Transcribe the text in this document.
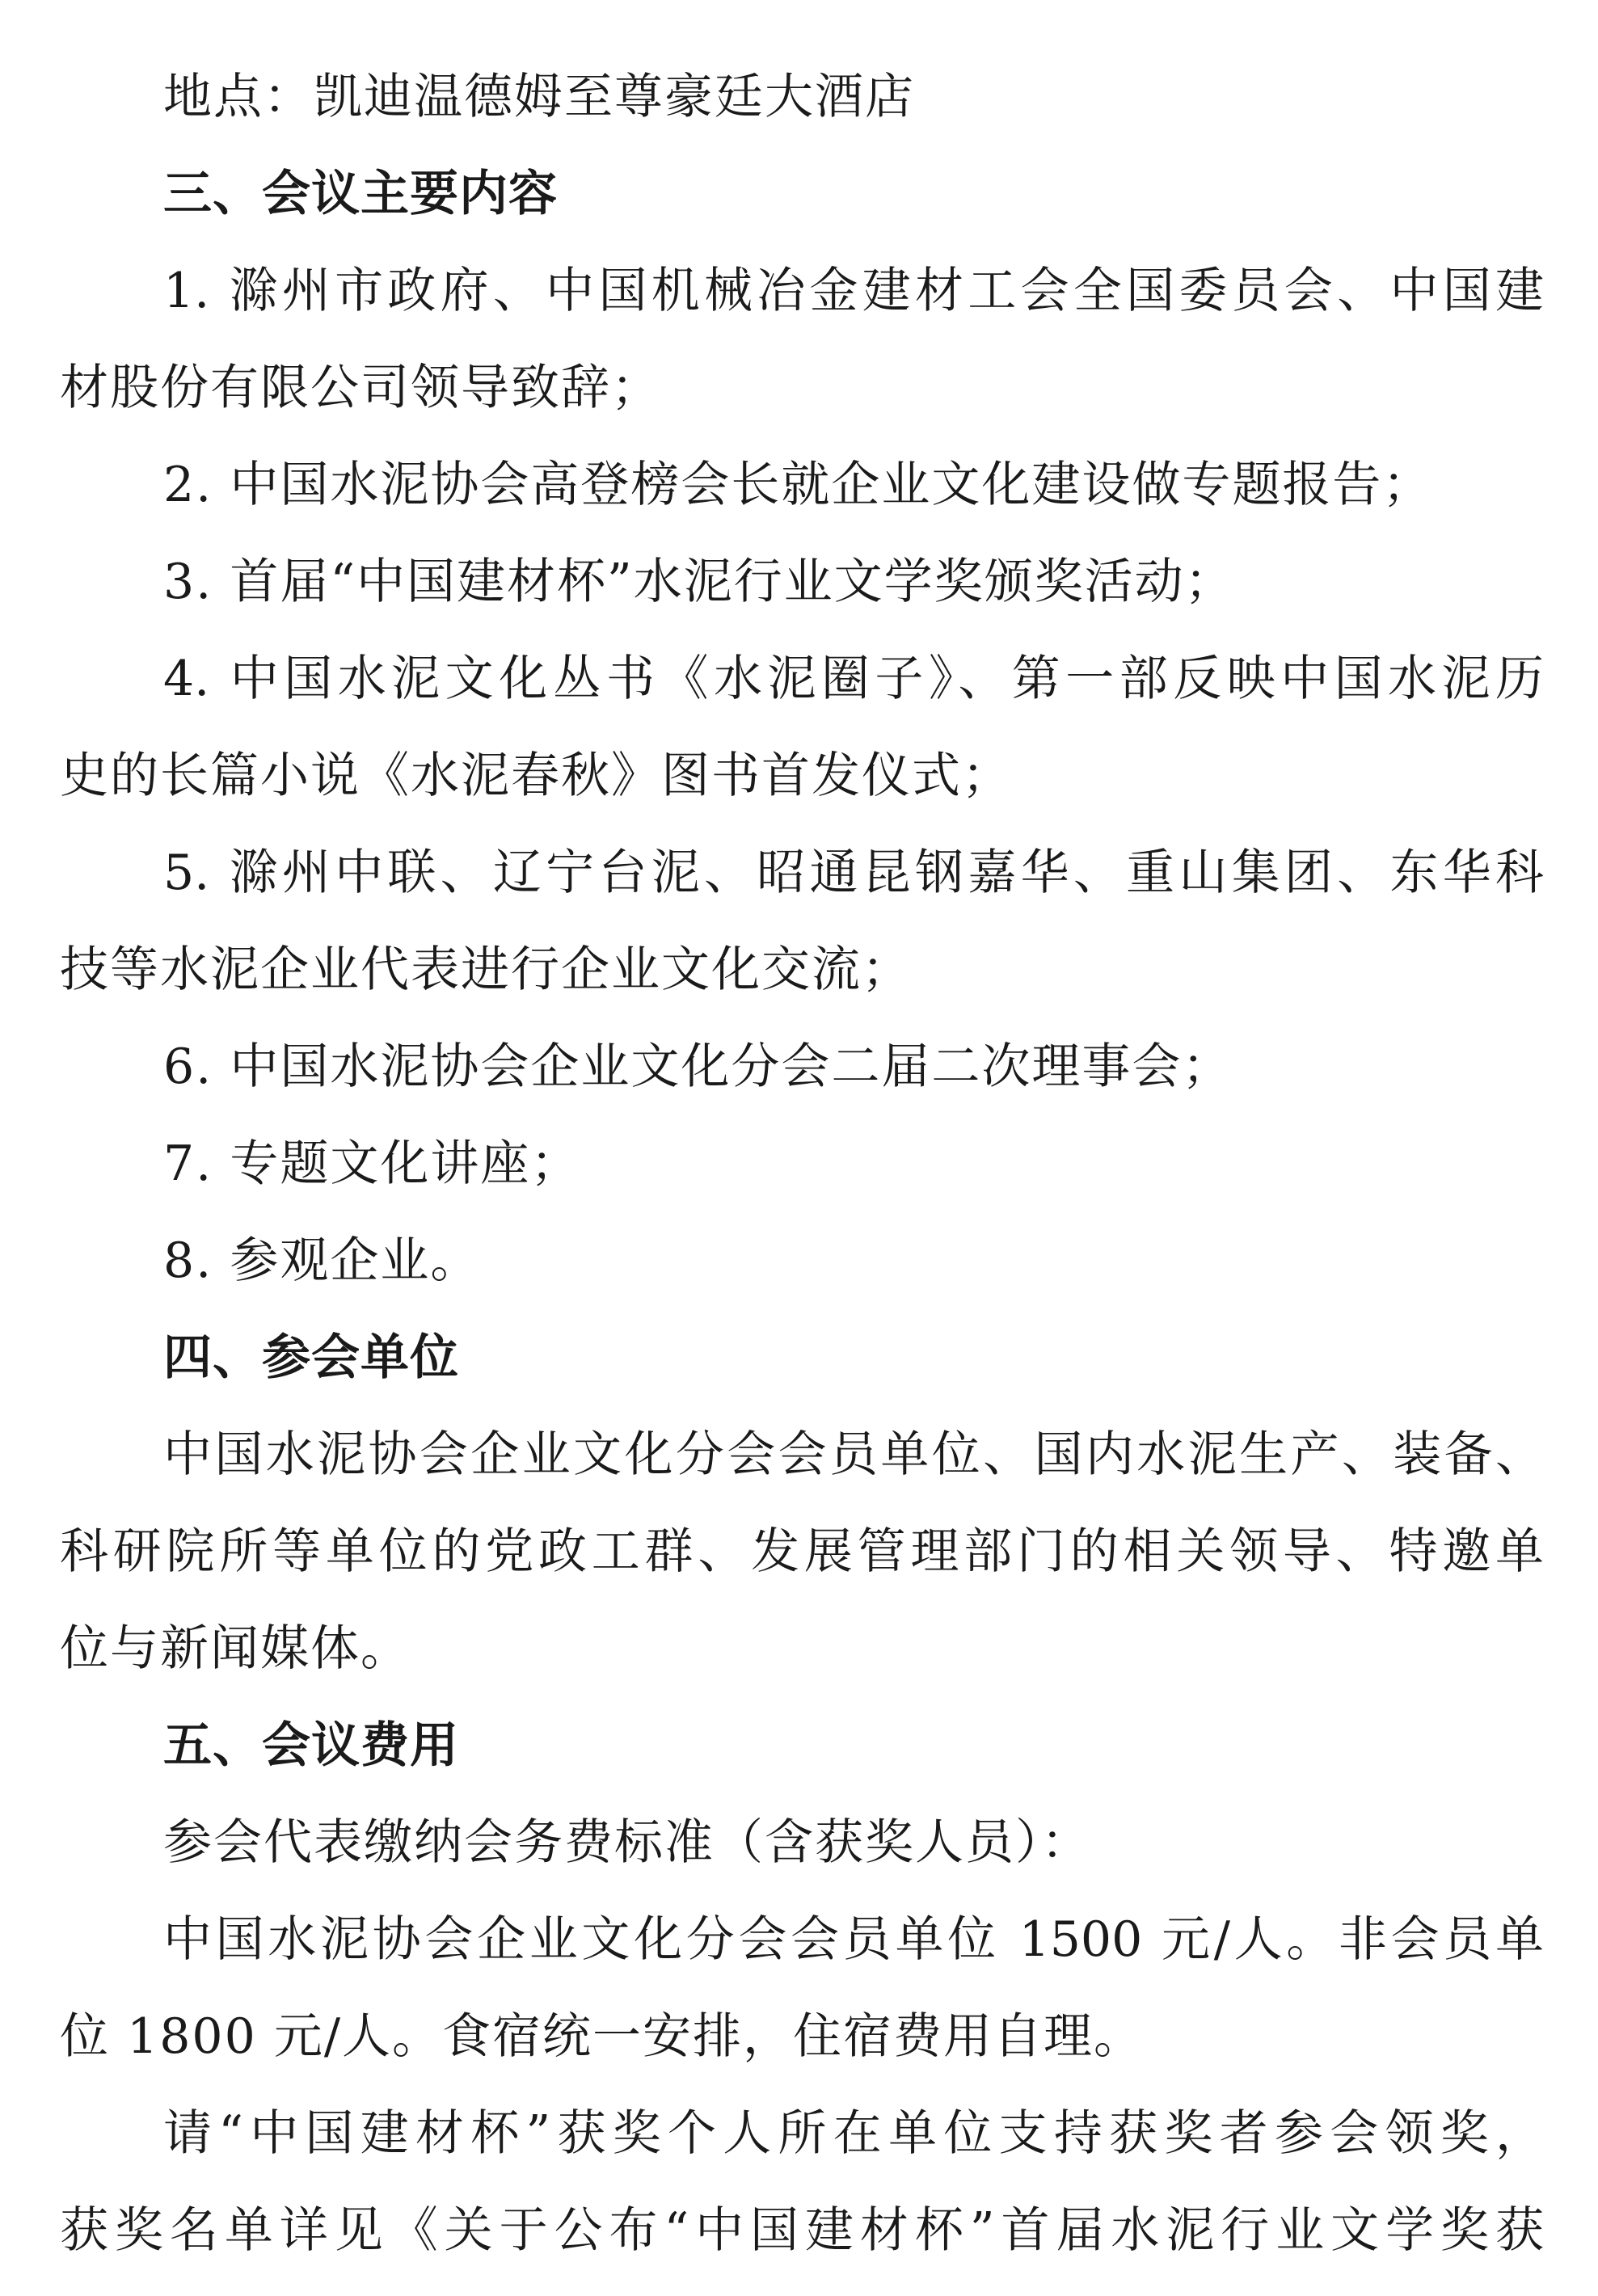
地点：凯迪温德姆至尊豪廷大酒店
三、会议主要内容
1. 滁州市政府、中国机械冶金建材工会全国委员会、中国建
材股份有限公司领导致辞；
2. 中国水泥协会高登榜会长就企业文化建设做专题报告；
3. 首届“中国建材杯”水泥行业文学奖颁奖活动；
4. 中国水泥文化丛书《水泥圈子》、第一部反映中国水泥历
史的长篇小说《水泥春秋》图书首发仪式；
5. 滁州中联、辽宁台泥、昭通昆钢嘉华、重山集团、东华科
技等水泥企业代表进行企业文化交流；
6. 中国水泥协会企业文化分会二届二次理事会；
7. 专题文化讲座；
8. 参观企业。
四、参会单位
中国水泥协会企业文化分会会员单位、国内水泥生产、装备、
科研院所等单位的党政工群、发展管理部门的相关领导、特邀单
位与新闻媒体。
五、会议费用
参会代表缴纳会务费标准（含获奖人员）：
中国水泥协会企业文化分会会员单位 1500 元/人。非会员单
位 1800 元/人。食宿统一安排，住宿费用自理。
请“中国建材杯”获奖个人所在单位支持获奖者参会领奖，
获奖名单详见《关于公布“中国建材杯”首届水泥行业文学奖获
